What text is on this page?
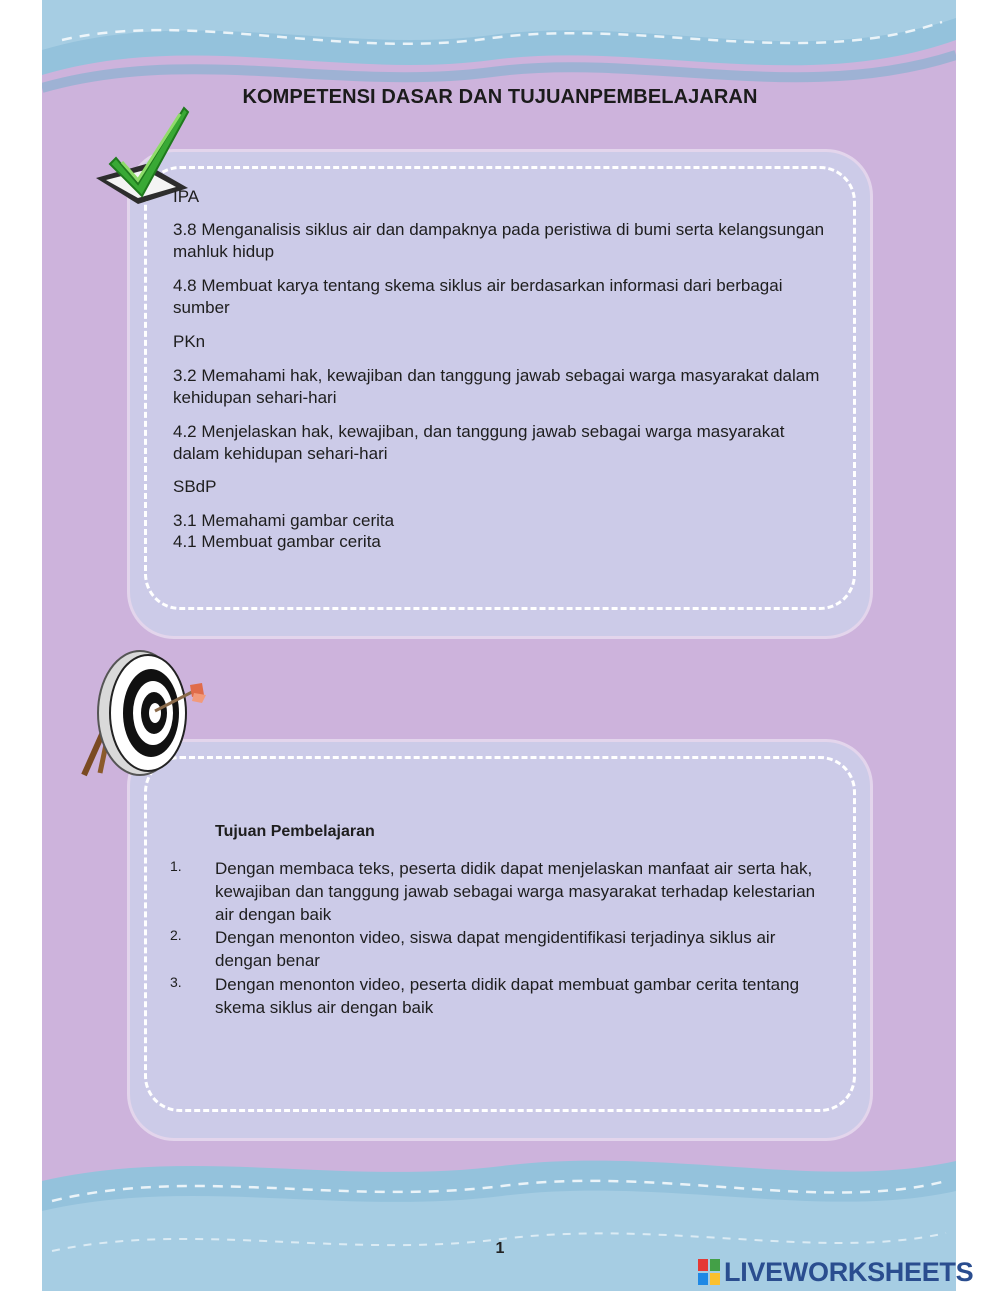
KOMPETENSI DASAR DAN TUJUANPEMBELAJARAN
IPA
3.8 Menganalisis siklus air dan dampaknya pada peristiwa di bumi serta kelangsungan mahluk hidup
4.8 Membuat karya tentang skema siklus air berdasarkan informasi dari berbagai sumber
PKn
3.2 Memahami hak, kewajiban dan tanggung jawab sebagai warga masyarakat dalam kehidupan sehari-hari
4.2 Menjelaskan hak, kewajiban, dan tanggung jawab sebagai warga masyarakat dalam kehidupan sehari-hari
SBdP
3.1 Memahami gambar cerita
4.1 Membuat gambar cerita
Tujuan Pembelajaran
1. Dengan membaca teks, peserta didik dapat menjelaskan manfaat air serta hak, kewajiban dan tanggung jawab sebagai warga masyarakat terhadap kelestarian air dengan baik
2. Dengan menonton video, siswa dapat mengidentifikasi terjadinya siklus air dengan benar
3. Dengan menonton video, peserta didik dapat membuat gambar cerita tentang skema siklus air dengan baik
1
LIVEWORKSHEETS
